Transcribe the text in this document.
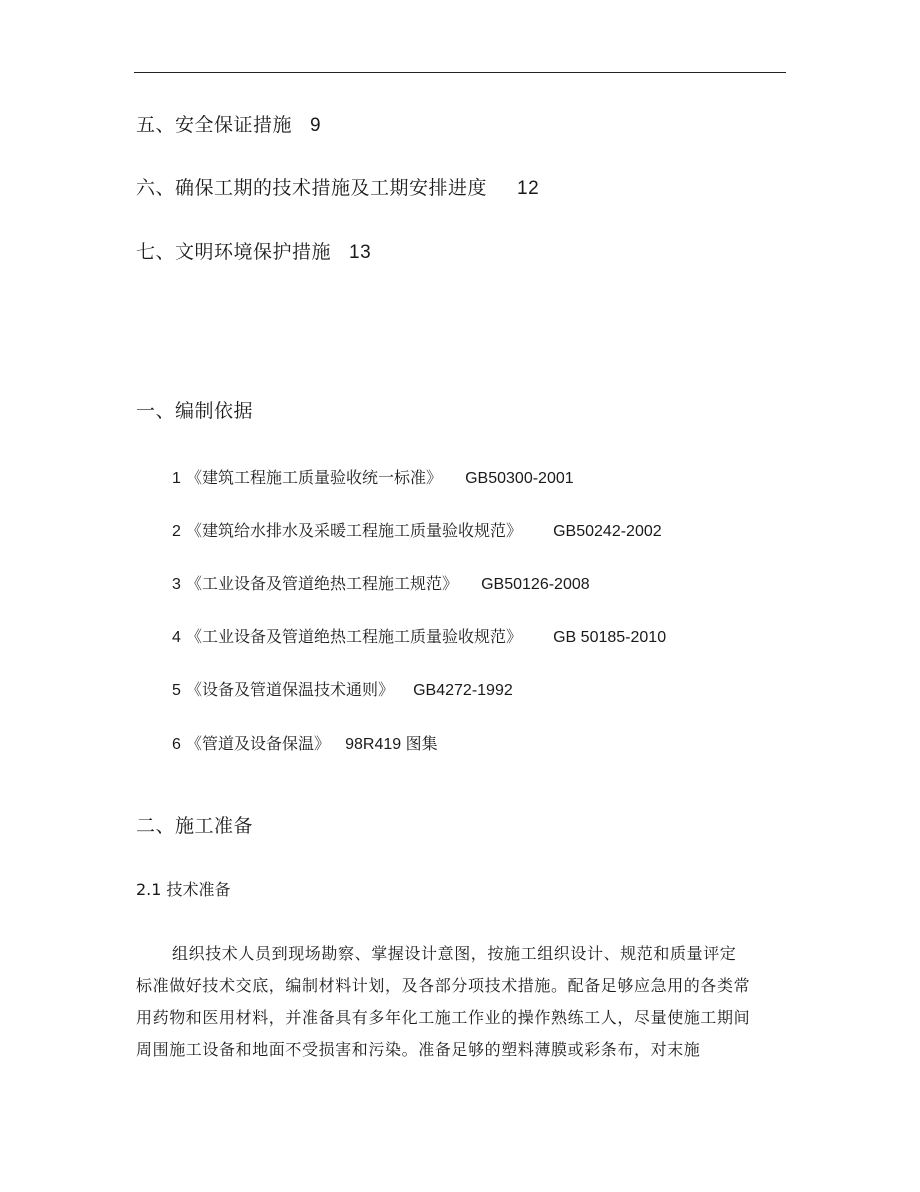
五、安全保证措施 9
六、确保工期的技术措施及工期安排进度 12
七、文明环境保护措施 13
一、编制依据
1 《建筑工程施工质量验收统一标准》 GB50300-2001
2 《建筑给水排水及采暖工程施工质量验收规范》 GB50242-2002
3 《工业设备及管道绝热工程施工规范》 GB50126-2008
4 《工业设备及管道绝热工程施工质量验收规范》 GB 50185-2010
5 《设备及管道保温技术通则》 GB4272-1992
6 《管道及设备保温》 98R419 图集
二、施工准备
2.1 技术准备
组织技术人员到现场勘察、掌握设计意图，按施工组织设计、规范和质量评定
标准做好技术交底，编制材料计划，及各部分项技术措施。配备足够应急用的各类常
用药物和医用材料，并准备具有多年化工施工作业的操作熟练工人，尽量使施工期间
周围施工设备和地面不受损害和污染。准备足够的塑料薄膜或彩条布，对末施
